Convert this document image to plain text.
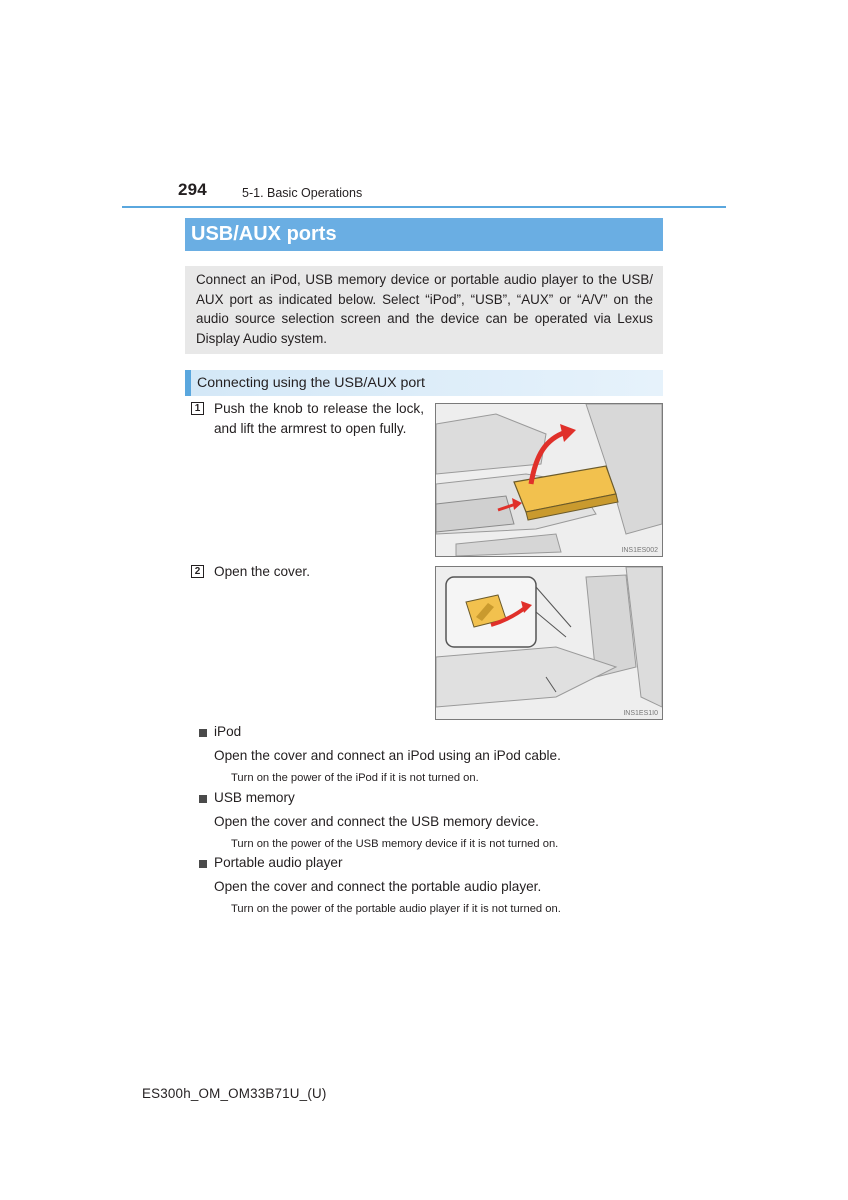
294	5-1. Basic Operations
USB/AUX ports
Connect an iPod, USB memory device or portable audio player to the USB/ AUX port as indicated below. Select “iPod”, “USB”, “AUX” or “A/V” on the audio source selection screen and the device can be operated via Lexus Display Audio system.
Connecting using the USB/AUX port
1 Push the knob to release the lock, and lift the armrest to open fully.
INS1ES002
2 Open the cover.
INS1ES1I0
iPod
Open the cover and connect an iPod using an iPod cable.
Turn on the power of the iPod if it is not turned on.
USB memory
Open the cover and connect the USB memory device.
Turn on the power of the USB memory device if it is not turned on.
Portable audio player
Open the cover and connect the portable audio player.
Turn on the power of the portable audio player if it is not turned on.
ES300h_OM_OM33B71U_(U)
